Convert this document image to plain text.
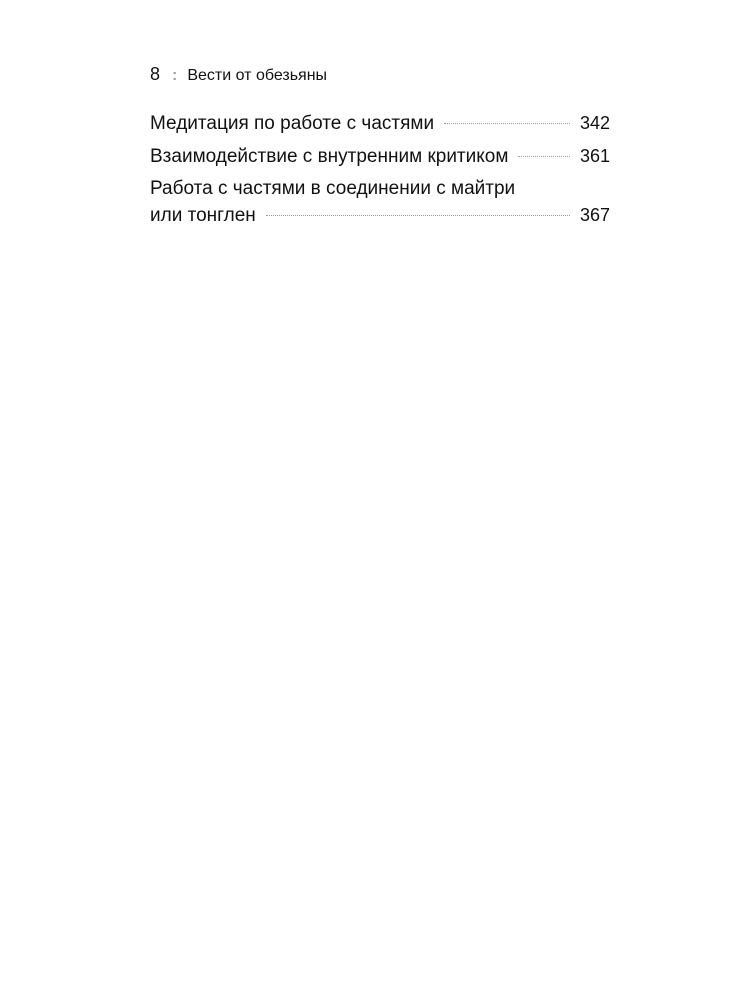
8 : Вести от обезьяны
Медитация по работе с частями	342
Взаимодействие с внутренним критиком	361
Работа с частями в соединении с майтри
или тонглен	367
